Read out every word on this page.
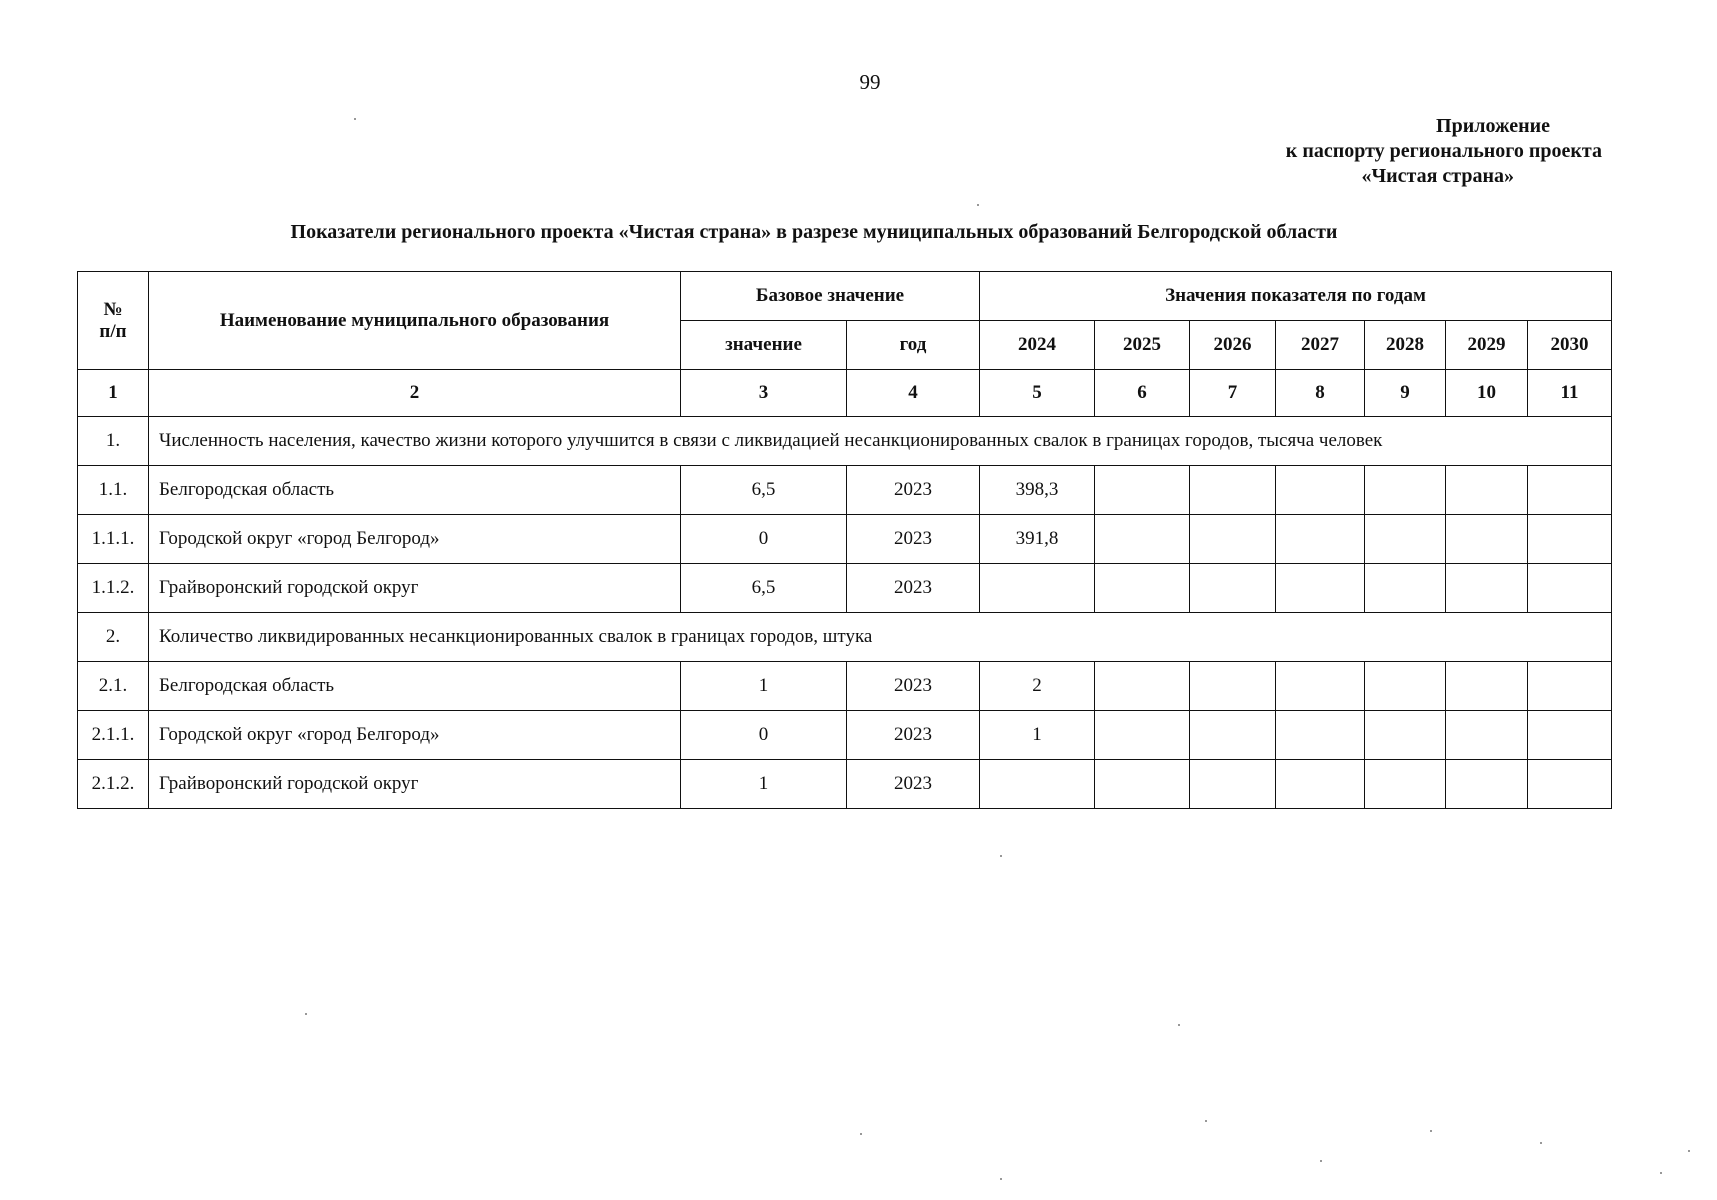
99
Приложение
к паспорту регионального проекта
«Чистая страна»
Показатели регионального проекта «Чистая страна» в разрезе муниципальных образований Белгородской области
№
п/п	Наименование муниципального образования	Базовое значение		Значения показателя по годам						
		значение	год	2024	2025	2026	2027	2028	2029	2030
1	2	3	4	5	6	7	8	9	10	11
1.	Численность населения, качество жизни которого улучшится в связи с ликвидацией несанкционированных свалок в границах городов, тысяча человек									
1.1.	Белгородская область	6,5	2023	398,3						
1.1.1.	Городской округ «город Белгород»	0	2023	391,8						
1.1.2.	Грайворонский городской округ	6,5	2023							
2.	Количество ликвидированных несанкционированных свалок в границах городов, штука									
2.1.	Белгородская область	1	2023	2						
2.1.1.	Городской округ «город Белгород»	0	2023	1						
2.1.2.	Грайворонский городской округ	1	2023							
